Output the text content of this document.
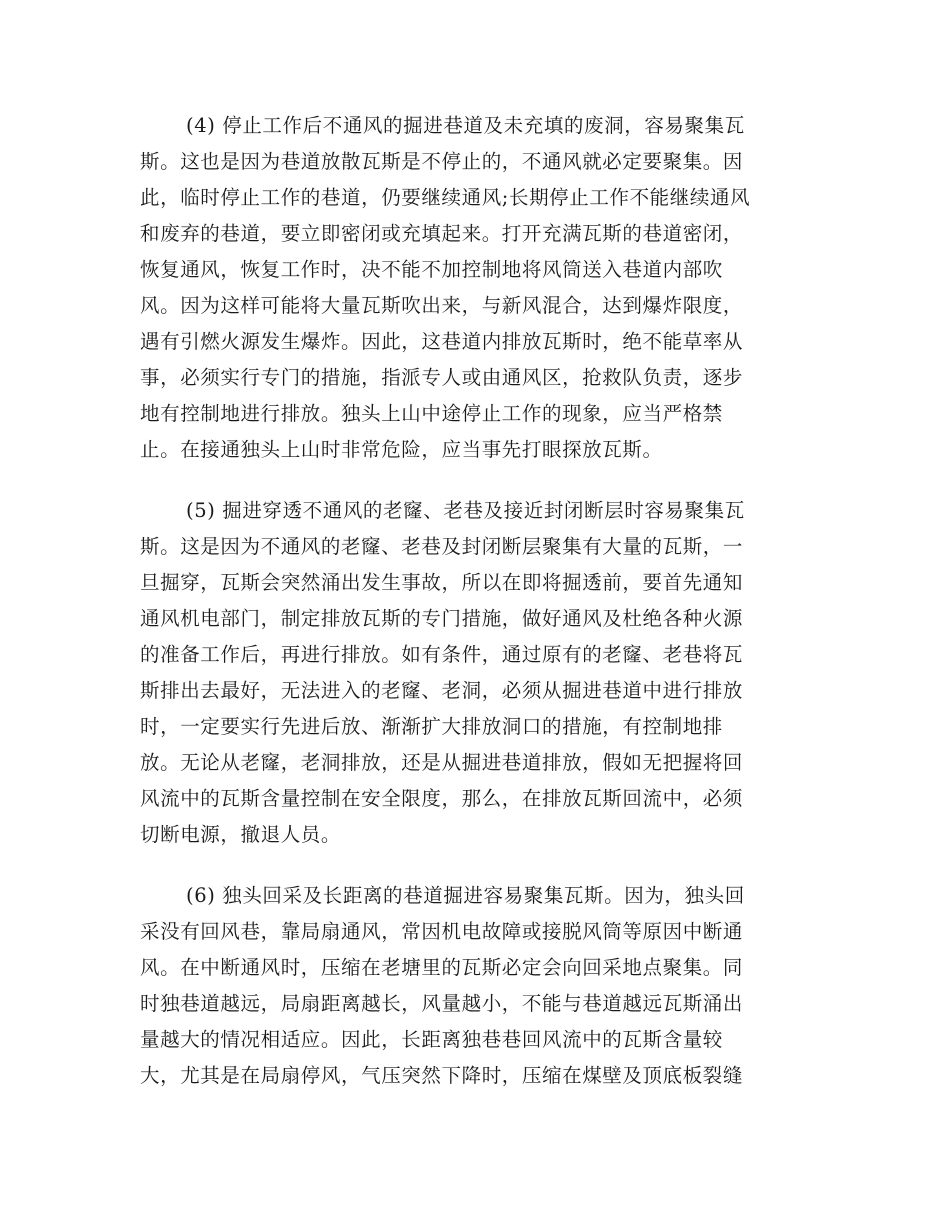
(4) 停止工作后不通风的掘进巷道及未充填的废洞，容易聚集瓦
斯。这也是因为巷道放散瓦斯是不停止的，不通风就必定要聚集。因
此，临时停止工作的巷道，仍要继续通风;长期停止工作不能继续通风
和废弃的巷道，要立即密闭或充填起来。打开充满瓦斯的巷道密闭，
恢复通风，恢复工作时，决不能不加控制地将风筒送入巷道内部吹
风。因为这样可能将大量瓦斯吹出来，与新风混合，达到爆炸限度，
遇有引燃火源发生爆炸。因此，这巷道内排放瓦斯时，绝不能草率从
事，必须实行专门的措施，指派专人或由通风区，抢救队负责，逐步
地有控制地进行排放。独头上山中途停止工作的现象，应当严格禁
止。在接通独头上山时非常危险，应当事先打眼探放瓦斯。
(5) 掘进穿透不通风的老窿、老巷及接近封闭断层时容易聚集瓦
斯。这是因为不通风的老窿、老巷及封闭断层聚集有大量的瓦斯，一
旦掘穿，瓦斯会突然涌出发生事故，所以在即将掘透前，要首先通知
通风机电部门，制定排放瓦斯的专门措施，做好通风及杜绝各种火源
的准备工作后，再进行排放。如有条件，通过原有的老窿、老巷将瓦
斯排出去最好，无法进入的老窿、老洞，必须从掘进巷道中进行排放
时，一定要实行先进后放、渐渐扩大排放洞口的措施，有控制地排
放。无论从老窿，老洞排放，还是从掘进巷道排放，假如无把握将回
风流中的瓦斯含量控制在安全限度，那么，在排放瓦斯回流中，必须
切断电源，撤退人员。
(6) 独头回采及长距离的巷道掘进容易聚集瓦斯。因为，独头回
采没有回风巷，靠局扇通风，常因机电故障或接脱风筒等原因中断通
风。在中断通风时，压缩在老塘里的瓦斯必定会向回采地点聚集。同
时独巷道越远，局扇距离越长，风量越小，不能与巷道越远瓦斯涌出
量越大的情况相适应。因此，长距离独巷巷回风流中的瓦斯含量较
大，尤其是在局扇停风，气压突然下降时，压缩在煤壁及顶底板裂缝
